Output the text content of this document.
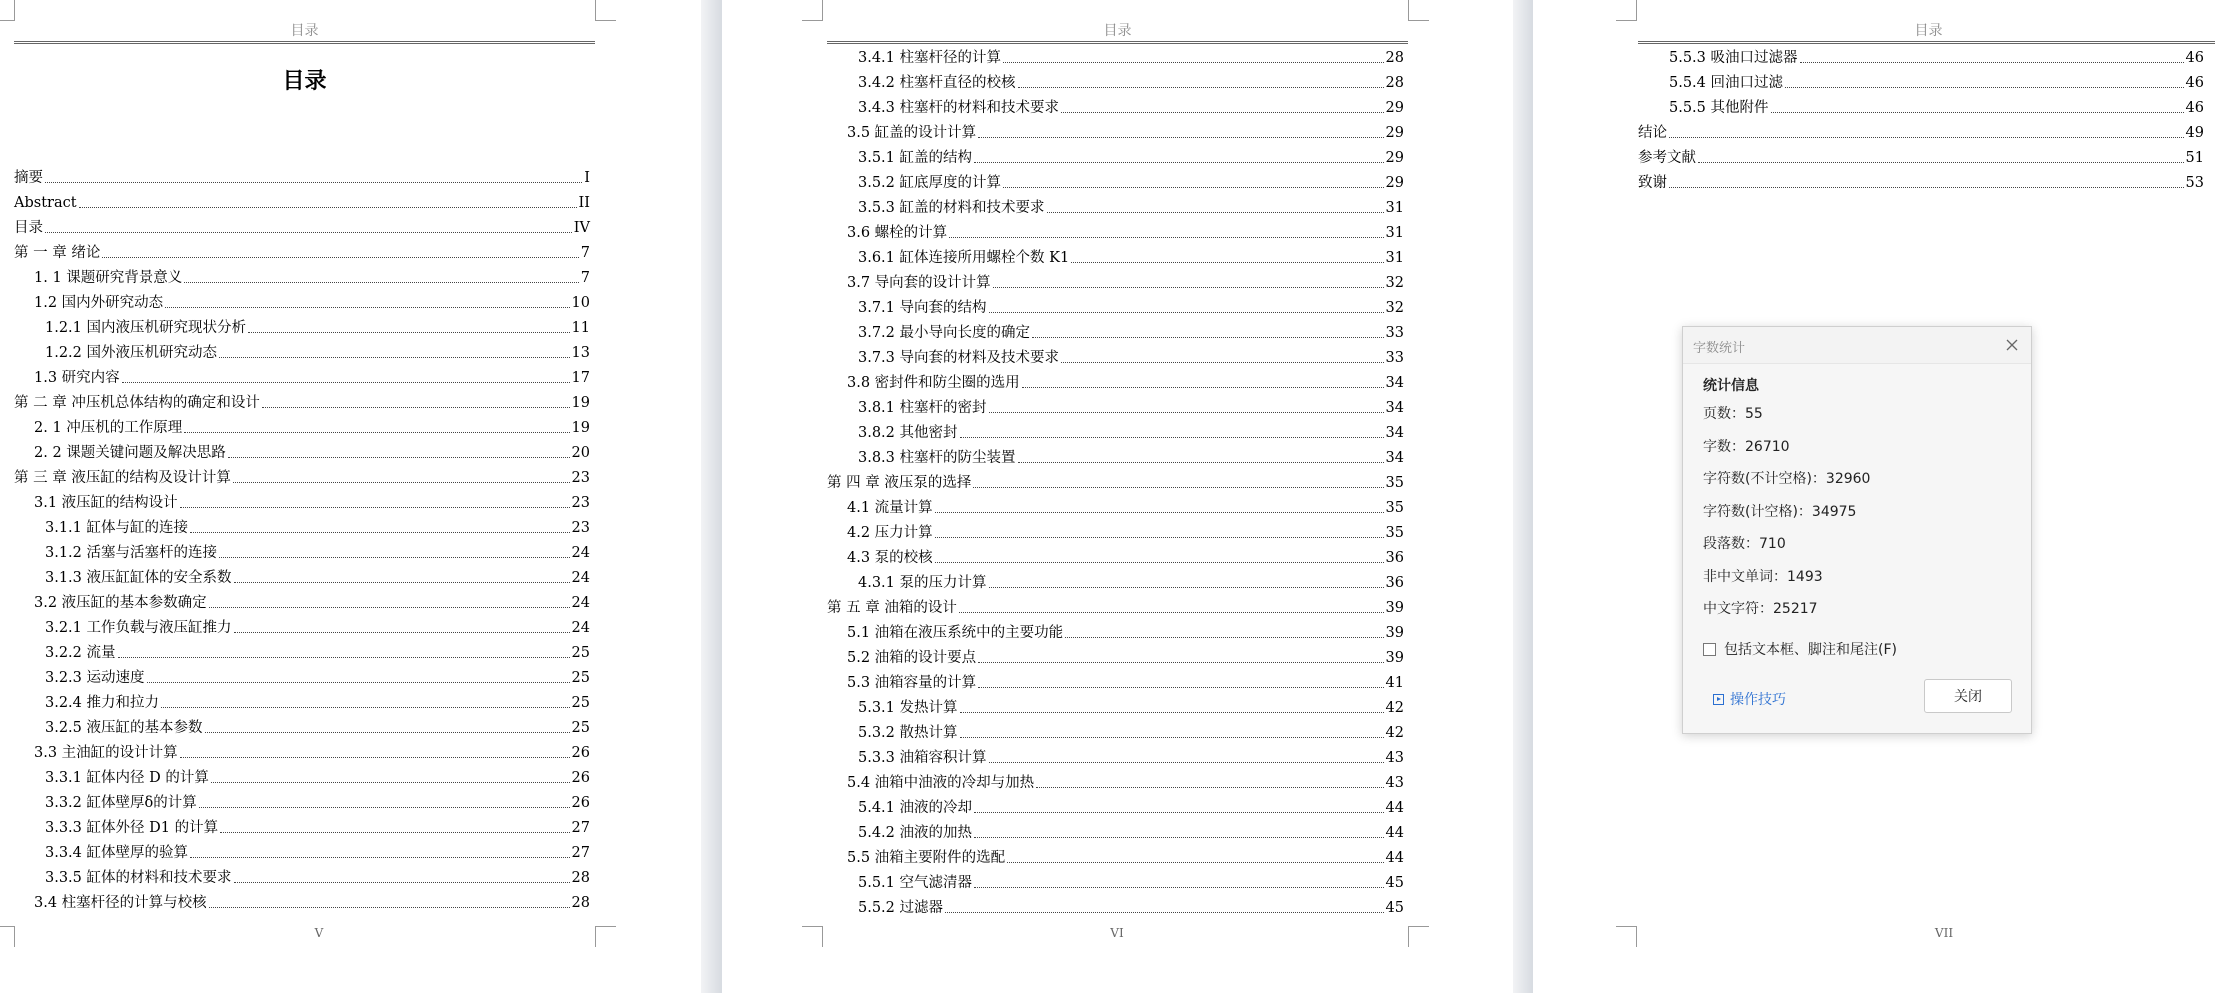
目录
目录
摘要	I
Abstract	II
目录	IV
第 一 章 绪论	7
1. 1 课题研究背景意义	7
1.2 国内外研究动态	10
1.2.1 国内液压机研究现状分析	11
1.2.2 国外液压机研究动态	13
1.3 研究内容	17
第 二 章 冲压机总体结构的确定和设计	19
2. 1 冲压机的工作原理	19
2. 2 课题关键问题及解决思路	20
第 三 章 液压缸的结构及设计计算	23
3.1 液压缸的结构设计	23
3.1.1 缸体与缸的连接	23
3.1.2 活塞与活塞杆的连接	24
3.1.3 液压缸缸体的安全系数	24
3.2 液压缸的基本参数确定	24
3.2.1 工作负载与液压缸推力	24
3.2.2 流量	25
3.2.3 运动速度	25
3.2.4 推力和拉力	25
3.2.5 液压缸的基本参数	25
3.3 主油缸的设计计算	26
3.3.1 缸体内径 D 的计算	26
3.3.2 缸体壁厚δ的计算	26
3.3.3 缸体外径 D1 的计算	27
3.3.4 缸体壁厚的验算	27
3.3.5 缸体的材料和技术要求	28
3.4 柱塞杆径的计算与校核	28
V
目录
3.4.1 柱塞杆径的计算	28
3.4.2 柱塞杆直径的校核	28
3.4.3 柱塞杆的材料和技术要求	29
3.5 缸盖的设计计算	29
3.5.1 缸盖的结构	29
3.5.2 缸底厚度的计算	29
3.5.3 缸盖的材料和技术要求	31
3.6 螺栓的计算	31
3.6.1 缸体连接所用螺栓个数 K1	31
3.7 导向套的设计计算	32
3.7.1 导向套的结构	32
3.7.2 最小导向长度的确定	33
3.7.3 导向套的材料及技术要求	33
3.8 密封件和防尘圈的选用	34
3.8.1 柱塞杆的密封	34
3.8.2 其他密封	34
3.8.3 柱塞杆的防尘装置	34
第 四 章 液压泵的选择	35
4.1 流量计算	35
4.2 压力计算	35
4.3 泵的校核	36
4.3.1 泵的压力计算	36
第 五 章 油箱的设计	39
5.1 油箱在液压系统中的主要功能	39
5.2 油箱的设计要点	39
5.3 油箱容量的计算	41
5.3.1 发热计算	42
5.3.2 散热计算	42
5.3.3 油箱容积计算	43
5.4 油箱中油液的冷却与加热	43
5.4.1 油液的冷却	44
5.4.2 油液的加热	44
5.5 油箱主要附件的选配	44
5.5.1 空气滤清器	45
5.5.2 过滤器	45
VI
目录
5.5.3 吸油口过滤器	46
5.5.4 回油口过滤	46
5.5.5 其他附件	46
结论	49
参考文献	51
致谢	53
VII
字数统计
统计信息
页数：55
字数：26710
字符数(不计空格)：32960
字符数(计空格)：34975
段落数：710
非中文单词：1493
中文字符：25217
包括文本框、脚注和尾注(F)
操作技巧	关闭
